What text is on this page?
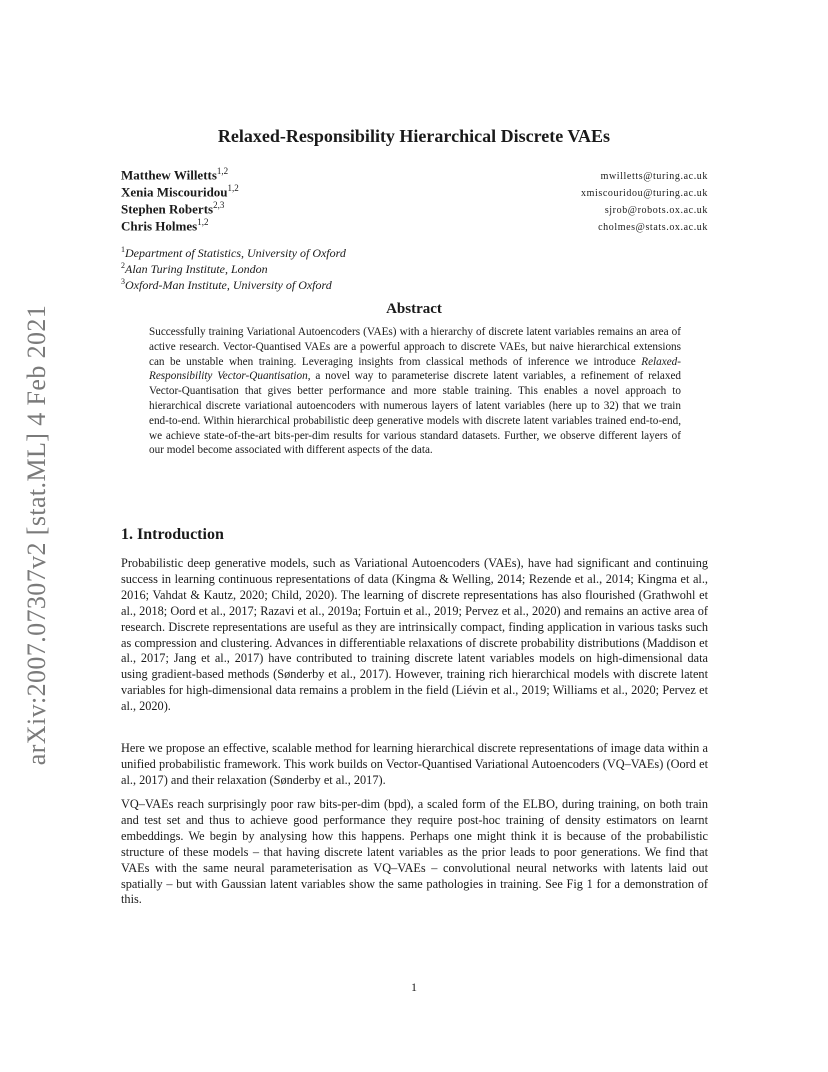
arXiv:2007.07307v2 [stat.ML] 4 Feb 2021
Relaxed-Responsibility Hierarchical Discrete VAEs
Matthew Willetts$^{1,2}$
mwilletts@turing.ac.uk
Xenia Miscouridou$^{1,2}$
xmiscouridou@turing.ac.uk
Stephen Roberts$^{2,3}$
sjrob@robots.ox.ac.uk
Chris Holmes$^{1,2}$
cholmes@stats.ox.ac.uk
$^1$Department of Statistics, University of Oxford
$^2$Alan Turing Institute, London
$^3$Oxford-Man Institute, University of Oxford
Abstract
Successfully training Variational Autoencoders (VAEs) with a hierarchy of discrete latent variables remains an area of active research. Vector-Quantised VAEs are a powerful approach to discrete VAEs, but naive hierarchical extensions can be unstable when training. Leveraging insights from classical methods of inference we introduce Relaxed-Responsibility Vector-Quantisation, a novel way to parameterise discrete latent variables, a refinement of relaxed Vector-Quantisation that gives better performance and more stable training. This enables a novel approach to hierarchical discrete variational autoencoders with numerous layers of latent variables (here up to 32) that we train end-to-end. Within hierarchical probabilistic deep generative models with discrete latent variables trained end-to-end, we achieve state-of-the-art bits-per-dim results for various standard datasets. Further, we observe different layers of our model become associated with different aspects of the data.
1. Introduction

Probabilistic deep generative models, such as Variational Autoencoders (VAEs), have had significant and continuing success in learning continuous representations of data (Kingma & Welling, 2014; Rezende et al., 2014; Kingma et al., 2016; Vahdat & Kautz, 2020; Child, 2020). The learning of discrete representations has also flourished (Grathwohl et al., 2018; Oord et al., 2017; Razavi et al., 2019a; Fortuin et al., 2019; Pervez et al., 2020) and remains an active area of research. Discrete representations are useful as they are intrinsically compact, finding application in various tasks such as compression and clustering. Advances in differentiable relaxations of discrete probability distributions (Maddison et al., 2017; Jang et al., 2017) have contributed to training discrete latent variables models on high-dimensional data using gradient-based methods (Sønderby et al., 2017). However, training rich hierarchical models with discrete latent variables for high-dimensional data remains a problem in the field (Liévin et al., 2019; Williams et al., 2020; Pervez et al., 2020).

Here we propose an effective, scalable method for learning hierarchical discrete representations of image data within a unified probabilistic framework. This work builds on Vector-Quantised Variational Autoencoders (VQ–VAEs) (Oord et al., 2017) and their relaxation (Sønderby et al., 2017).

VQ–VAEs reach surprisingly poor raw bits-per-dim (bpd), a scaled form of the ELBO, during training, on both train and test set and thus to achieve good performance they require post-hoc training of density estimators on learnt embeddings. We begin by analysing how this happens. Perhaps one might think it is because of the probabilistic structure of these models – that having discrete latent variables as the prior leads to poor generations. We find that VAEs with the same neural parameterisation as VQ–VAEs – convolutional neural networks with latents laid out spatially – but with Gaussian latent variables show the same pathologies in training. See Fig 1 for a demonstration of this.

1
